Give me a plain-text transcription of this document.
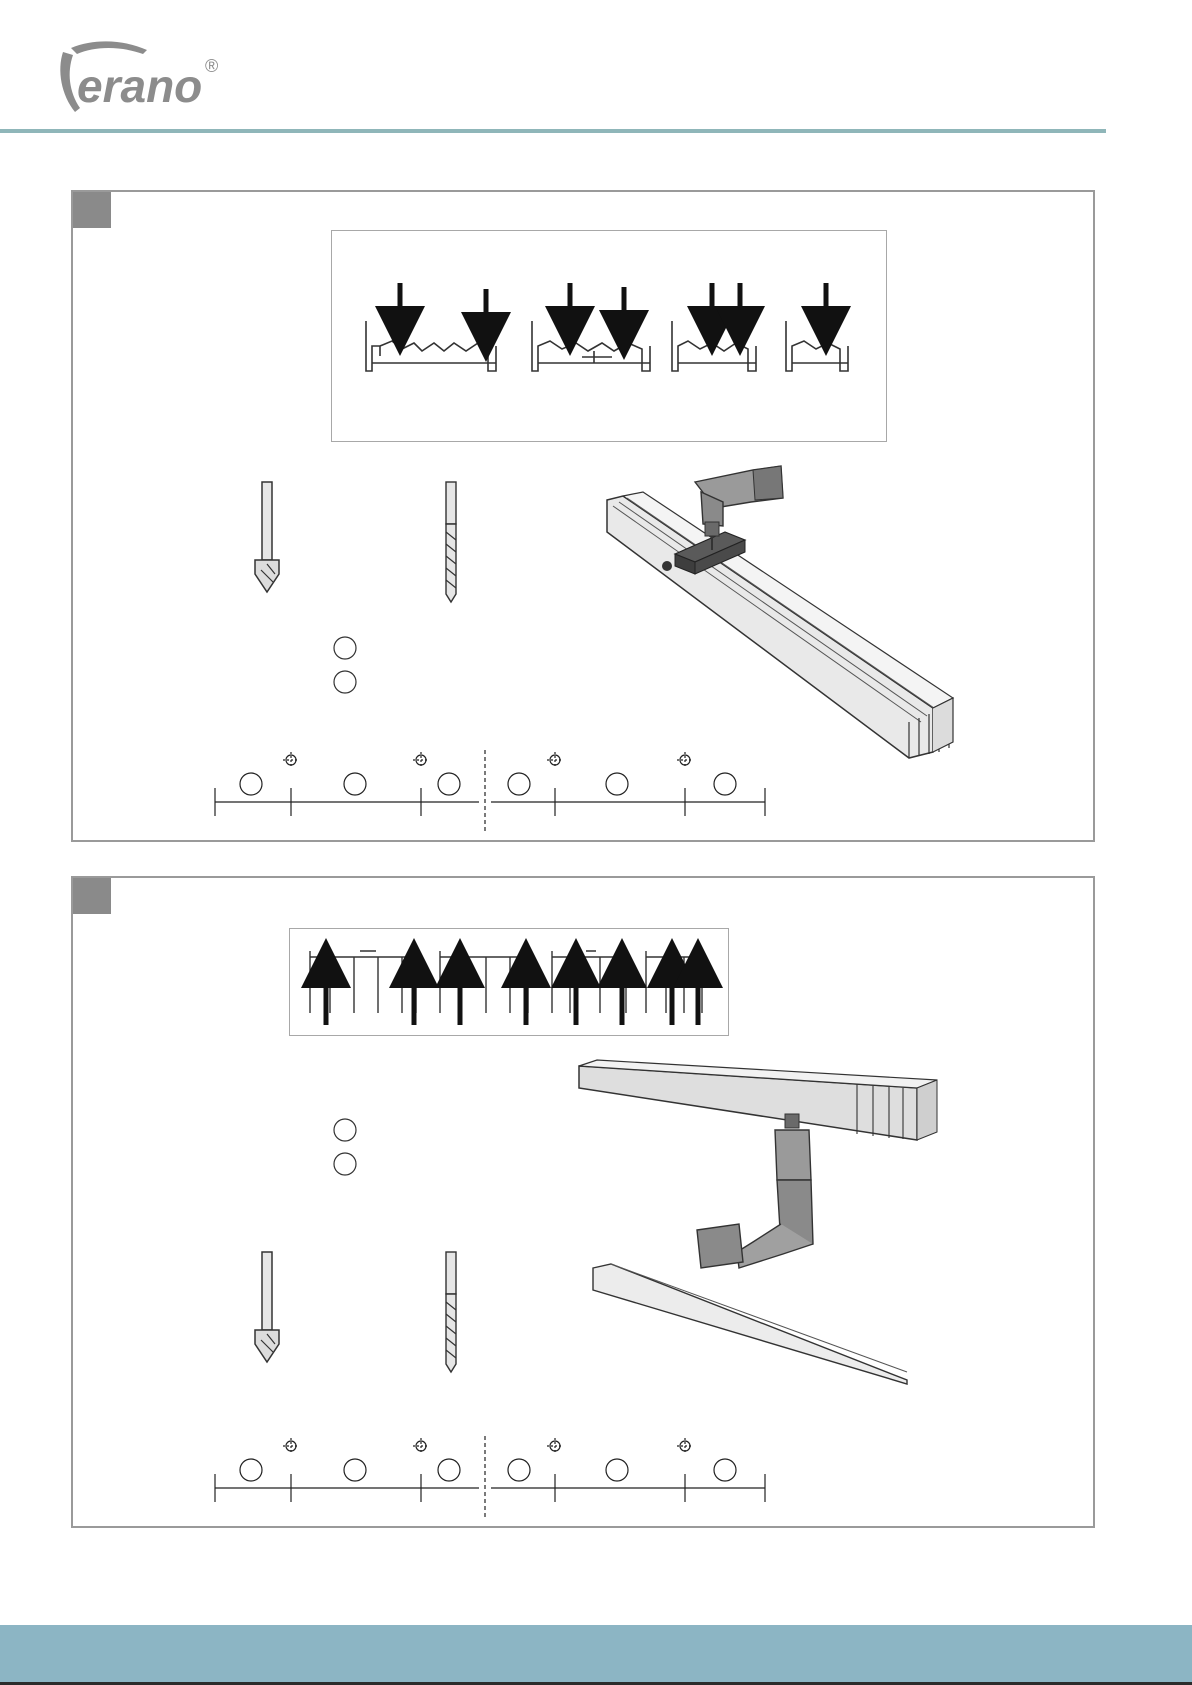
erano ®
